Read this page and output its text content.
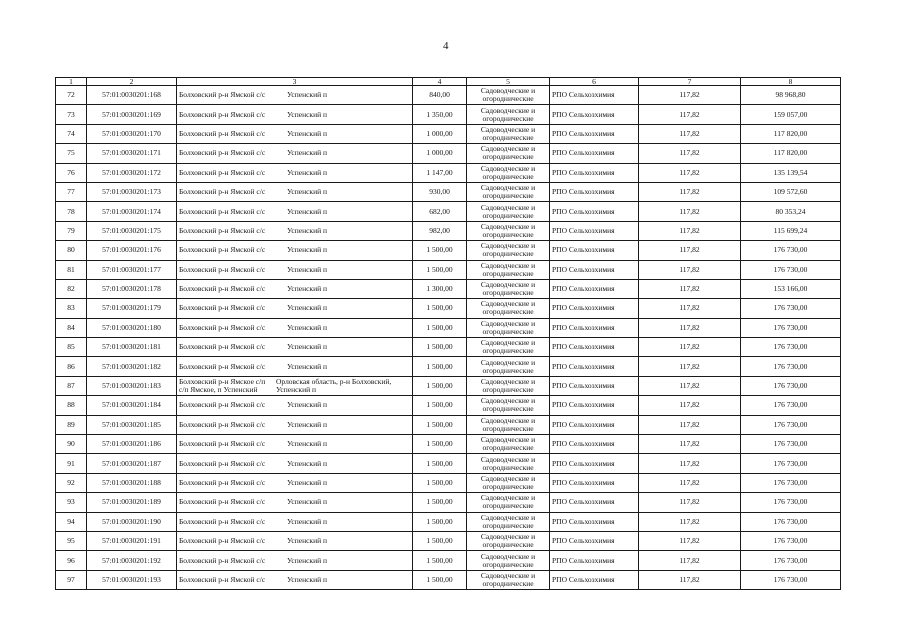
4
1	2	3	4	5	6	7	8
72	57:01:0030201:168	Болховский р-н Ямской с/с Успенский п	840,00	Садоводческие и
огороднические	РПО Сельхозхимия	117,82	98 968,80
73	57:01:0030201:169	Болховский р-н Ямской с/с Успенский п	1 350,00	Садоводческие и
огороднические	РПО Сельхозхимия	117,82	159 057,00
74	57:01:0030201:170	Болховский р-н Ямской с/с Успенский п	1 000,00	Садоводческие и
огороднические	РПО Сельхозхимия	117,82	117 820,00
75	57:01:0030201:171	Болховский р-н Ямской с/с Успенский п	1 000,00	Садоводческие и
огороднические	РПО Сельхозхимия	117,82	117 820,00
76	57:01:0030201:172	Болховский р-н Ямской с/с Успенский п	1 147,00	Садоводческие и
огороднические	РПО Сельхозхимия	117,82	135 139,54
77	57:01:0030201:173	Болховский р-н Ямской с/с Успенский п	930,00	Садоводческие и
огороднические	РПО Сельхозхимия	117,82	109 572,60
78	57:01:0030201:174	Болховский р-н Ямской с/с Успенский п	682,00	Садоводческие и
огороднические	РПО Сельхозхимия	117,82	80 353,24
79	57:01:0030201:175	Болховский р-н Ямской с/с Успенский п	982,00	Садоводческие и
огороднические	РПО Сельхозхимия	117,82	115 699,24
80	57:01:0030201:176	Болховский р-н Ямской с/с Успенский п	1 500,00	Садоводческие и
огороднические	РПО Сельхозхимия	117,82	176 730,00
81	57:01:0030201:177	Болховский р-н Ямской с/с Успенский п	1 500,00	Садоводческие и
огороднические	РПО Сельхозхимия	117,82	176 730,00
82	57:01:0030201:178	Болховский р-н Ямской с/с Успенский п	1 300,00	Садоводческие и
огороднические	РПО Сельхозхимия	117,82	153 166,00
83	57:01:0030201:179	Болховский р-н Ямской с/с Успенский п	1 500,00	Садоводческие и
огороднические	РПО Сельхозхимия	117,82	176 730,00
84	57:01:0030201:180	Болховский р-н Ямской с/с Успенский п	1 500,00	Садоводческие и
огороднические	РПО Сельхозхимия	117,82	176 730,00
85	57:01:0030201:181	Болховский р-н Ямской с/с Успенский п	1 500,00	Садоводческие и
огороднические	РПО Сельхозхимия	117,82	176 730,00
86	57:01:0030201:182	Болховский р-н Ямской с/с Успенский п	1 500,00	Садоводческие и
огороднические	РПО Сельхозхимия	117,82	176 730,00
87	57:01:0030201:183	Болховский р-н Ямское с/п Орловская область, р-н Болховский,
с/п Ямское, п Успенский Успенский п	1 500,00	Садоводческие и
огороднические	РПО Сельхозхимия	117,82	176 730,00
88	57:01:0030201:184	Болховский р-н Ямской с/с Успенский п	1 500,00	Садоводческие и
огороднические	РПО Сельхозхимия	117,82	176 730,00
89	57:01:0030201:185	Болховский р-н Ямской с/с Успенский п	1 500,00	Садоводческие и
огороднические	РПО Сельхозхимия	117,82	176 730,00
90	57:01:0030201:186	Болховский р-н Ямской с/с Успенский п	1 500,00	Садоводческие и
огороднические	РПО Сельхозхимия	117,82	176 730,00
91	57:01:0030201:187	Болховский р-н Ямской с/с Успенский п	1 500,00	Садоводческие и
огороднические	РПО Сельхозхимия	117,82	176 730,00
92	57:01:0030201:188	Болховский р-н Ямской с/с Успенский п	1 500,00	Садоводческие и
огороднические	РПО Сельхозхимия	117,82	176 730,00
93	57:01:0030201:189	Болховский р-н Ямской с/с Успенский п	1 500,00	Садоводческие и
огороднические	РПО Сельхозхимия	117,82	176 730,00
94	57:01:0030201:190	Болховский р-н Ямской с/с Успенский п	1 500,00	Садоводческие и
огороднические	РПО Сельхозхимия	117,82	176 730,00
95	57:01:0030201:191	Болховский р-н Ямской с/с Успенский п	1 500,00	Садоводческие и
огороднические	РПО Сельхозхимия	117,82	176 730,00
96	57:01:0030201:192	Болховский р-н Ямской с/с Успенский п	1 500,00	Садоводческие и
огороднические	РПО Сельхозхимия	117,82	176 730,00
97	57:01:0030201:193	Болховский р-н Ямской с/с Успенский п	1 500,00	Садоводческие и
огороднические	РПО Сельхозхимия	117,82	176 730,00
